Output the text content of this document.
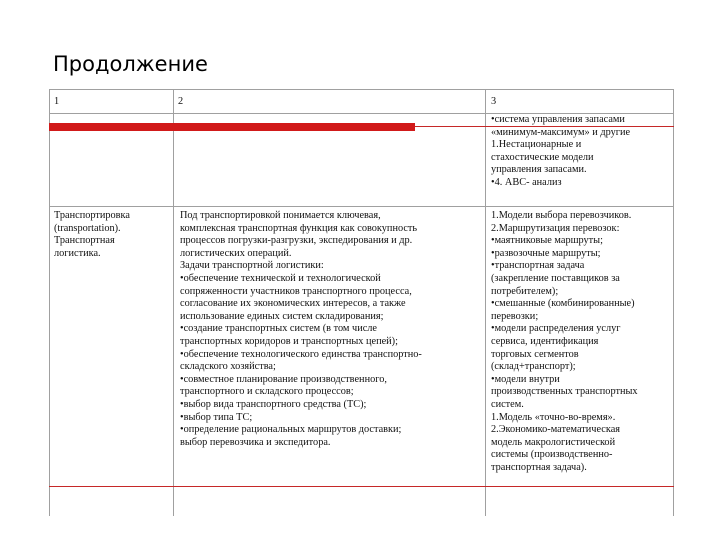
Продолжение
1	2	3
•система управления запасами
«минимум-максимум» и другие
1.Нестационарные и
стахостические модели
управления запасами.
•4. АВС- анализ
Транспортировка
(transportation).
Транспортная
логистика.
Под транспортировкой понимается ключевая,
комплексная транспортная функция как совокупность
процессов погрузки-разгрузки, экспедирования и др.
логистических операций.
Задачи транспортной логистики:
•обеспечение технической и технологической
сопряженности участников транспортного процесса,
согласование их экономических интересов, а также
использование единых систем складирования;
•создание транспортных систем (в том числе
транспортных коридоров и транспортных цепей);
•обеспечение технологического единства транспортно-
складского хозяйства;
•совместное планирование производственного,
транспортного и складского процессов;
•выбор вида транспортного средства (ТС);
•выбор типа ТС;
•определение рациональных маршрутов доставки;
выбор перевозчика и экспедитора.
1.Модели выбора перевозчиков.
2.Маршрутизация перевозок:
•маятниковые маршруты;
•развозочные маршруты;
•транспортная задача
(закрепление поставщиков за
потребителем);
•смешанные (комбинированные)
перевозки;
•модели распределения услуг
сервиса, идентификация
торговых сегментов
(склад+транспорт);
•модели внутри
производственных транспортных
систем.
1.Модель «точно-во-время».
2.Экономико-математическая
модель макрологистической
системы (производственно-
транспортная задача).
